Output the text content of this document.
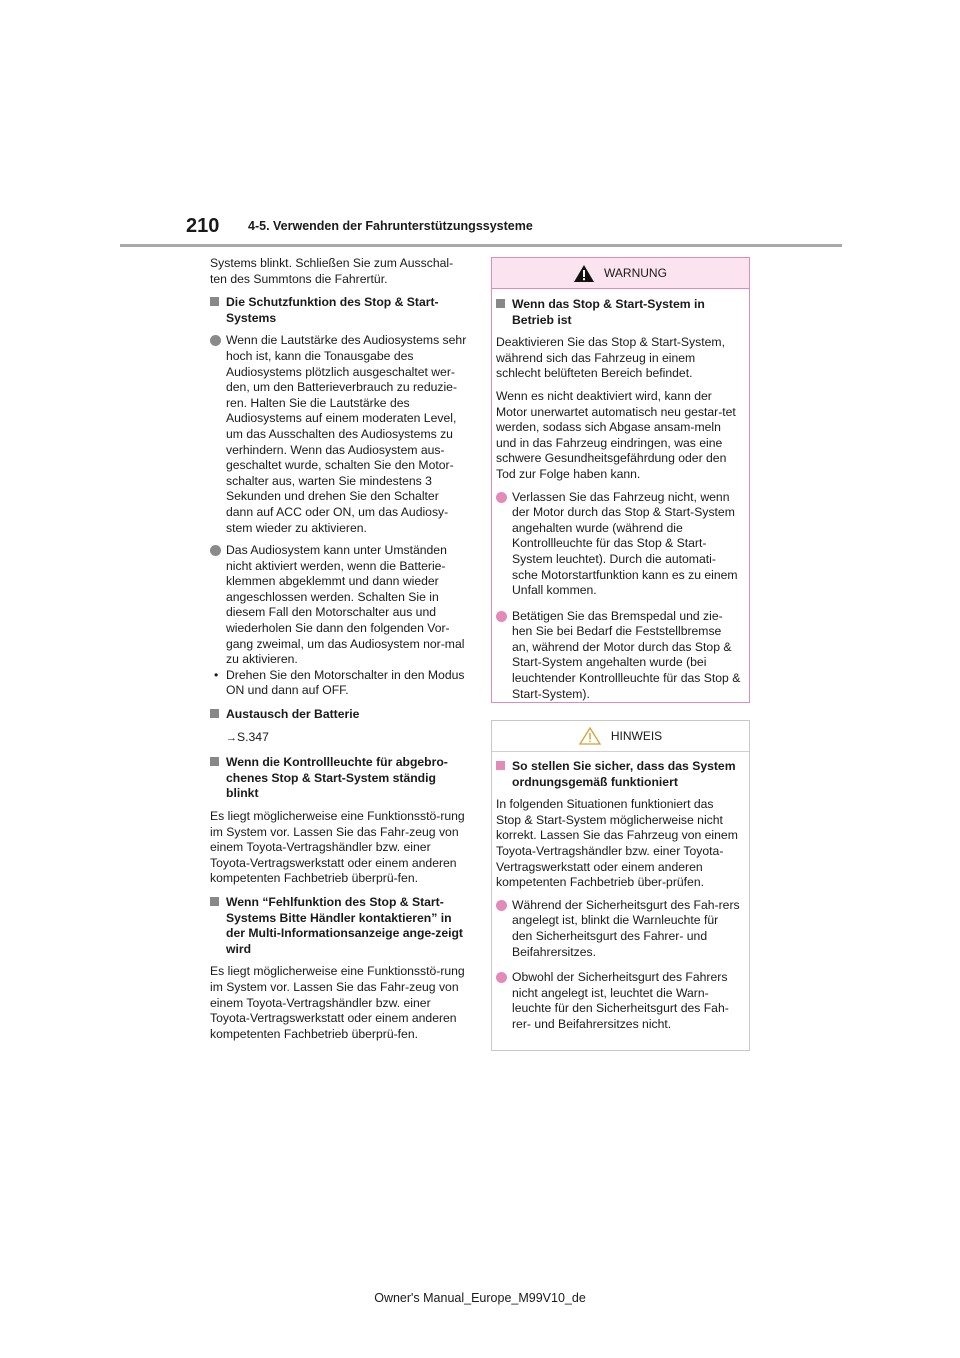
210 4-5. Verwenden der Fahrunterstützungssysteme

Systems blinkt. Schließen Sie zum Ausschal-ten des Summtons die Fahrertür.

Die Schutzfunktion des Stop & Start-Systems

Wenn die Lautstärke des Audiosystems sehr hoch ist, kann die Tonausgabe des Audiosystems plötzlich ausgeschaltet wer-den, um den Batterieverbrauch zu reduzie-ren. Halten Sie die Lautstärke des Audiosystems auf einem moderaten Level, um das Ausschalten des Audiosystems zu verhindern. Wenn das Audiosystem aus-geschaltet wurde, schalten Sie den Motor-schalter aus, warten Sie mindestens 3 Sekunden und drehen Sie den Schalter dann auf ACC oder ON, um das Audiosy-stem wieder zu aktivieren.

Das Audiosystem kann unter Umständen nicht aktiviert werden, wenn die Batterie-klemmen abgeklemmt und dann wieder angeschlossen werden. Schalten Sie in diesem Fall den Motorschalter aus und wiederholen Sie dann den folgenden Vor-gang zweimal, um das Audiosystem nor-mal zu aktivieren.

• Drehen Sie den Motorschalter in den Modus ON und dann auf OFF.

Austausch der Batterie

→S.347

Wenn die Kontrollleuchte für abgebro-chenes Stop & Start-System ständig blinkt

Es liegt möglicherweise eine Funktionsstö-rung im System vor. Lassen Sie das Fahr-zeug von einem Toyota-Vertragshändler bzw. einer Toyota-Vertragswerkstatt oder einem anderen kompetenten Fachbetrieb überprü-fen.

Wenn “Fehlfunktion des Stop & Start-Systems Bitte Händler kontaktieren” in der Multi-Informationsanzeige ange-zeigt wird

Es liegt möglicherweise eine Funktionsstö-rung im System vor. Lassen Sie das Fahr-zeug von einem Toyota-Vertragshändler bzw. einer Toyota-Vertragswerkstatt oder einem anderen kompetenten Fachbetrieb überprü-fen.

WARNUNG

Wenn das Stop & Start-System in Betrieb ist

Deaktivieren Sie das Stop & Start-System, während sich das Fahrzeug in einem schlecht belüfteten Bereich befindet.

Wenn es nicht deaktiviert wird, kann der Motor unerwartet automatisch neu gestar-tet werden, sodass sich Abgase ansam-meln und in das Fahrzeug eindringen, was eine schwere Gesundheitsgefährdung oder den Tod zur Folge haben kann.

Verlassen Sie das Fahrzeug nicht, wenn der Motor durch das Stop & Start-System angehalten wurde (während die Kontrollleuchte für das Stop & Start-System leuchtet). Durch die automati-sche Motorstartfunktion kann es zu einem Unfall kommen.

Betätigen Sie das Bremspedal und zie-hen Sie bei Bedarf die Feststellbremse an, während der Motor durch das Stop & Start-System angehalten wurde (bei leuchtender Kontrollleuchte für das Stop & Start-System).

HINWEIS

So stellen Sie sicher, dass das System ordnungsgemäß funktioniert

In folgenden Situationen funktioniert das Stop & Start-System möglicherweise nicht korrekt. Lassen Sie das Fahrzeug von einem Toyota-Vertragshändler bzw. einer Toyota-Vertragswerkstatt oder einem anderen kompetenten Fachbetrieb über-prüfen.

Während der Sicherheitsgurt des Fah-rers angelegt ist, blinkt die Warnleuchte für den Sicherheitsgurt des Fahrer- und Beifahrersitzes.

Obwohl der Sicherheitsgurt des Fahrers nicht angelegt ist, leuchtet die Warn-leuchte für den Sicherheitsgurt des Fah-rer- und Beifahrersitzes nicht.

Owner's Manual_Europe_M99V10_de
